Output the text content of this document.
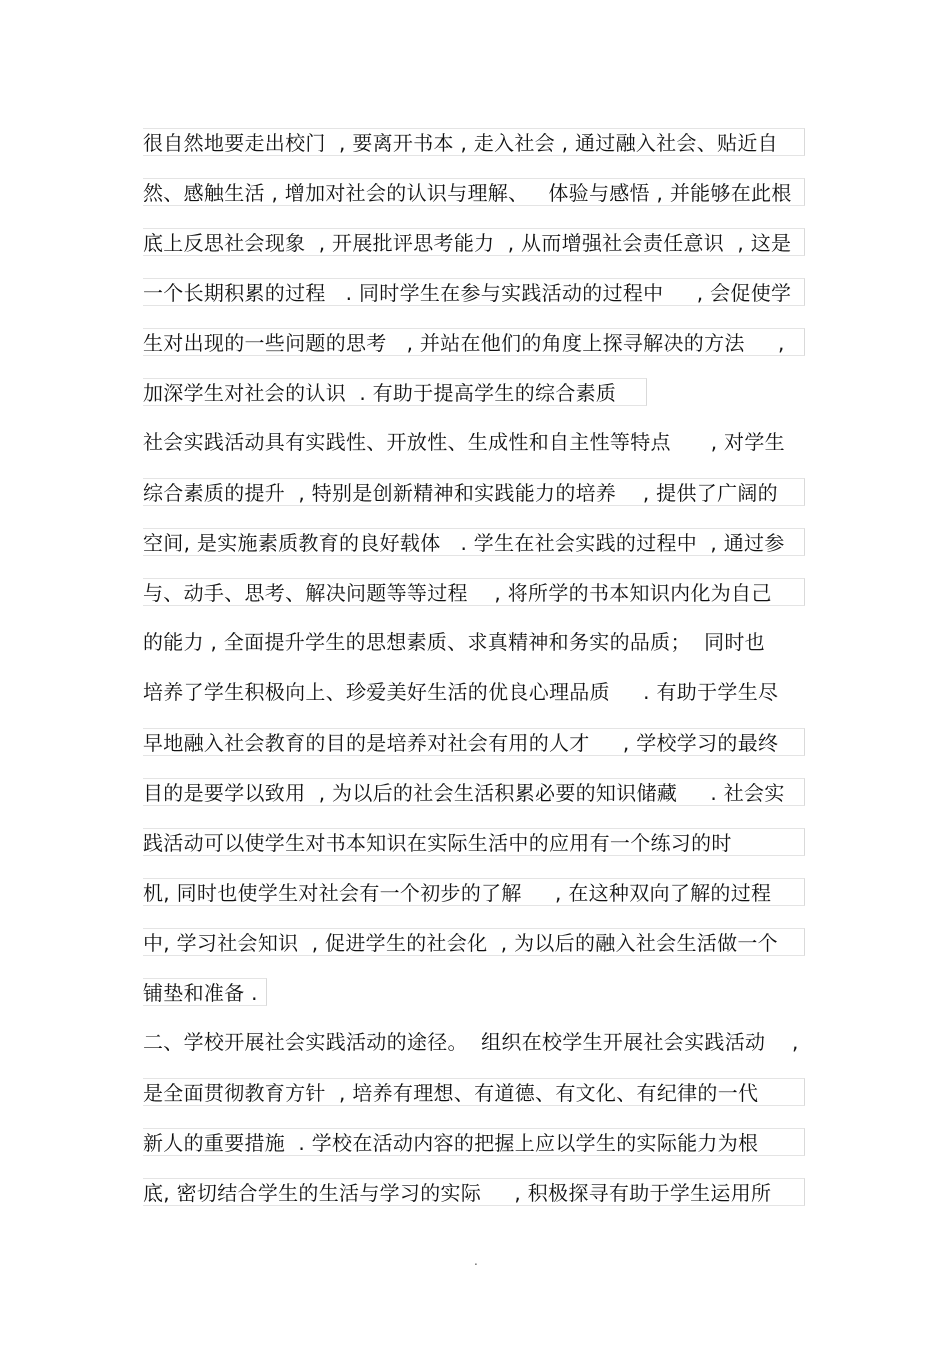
很自然地要走出校门  , 要离开书本 , 走入社会 , 通过融入社会、贴近自
然、感触生活 , 增加对社会的认识与理解、   体验与感悟 , 并能够在此根
底上反思社会现象  , 开展批评思考能力  , 从而增强社会责任意识  , 这是
一个长期积累的过程   . 同时学生在参与实践活动的过程中     , 会促使学
生对出现的一些问题的思考   , 并站在他们的角度上探寻解决的方法     ,
加深学生对社会的认识  . 有助于提高学生的综合素质
社会实践活动具有实践性、开放性、生成性和自主性等特点      , 对学生
综合素质的提升  , 特别是创新精神和实践能力的培养    , 提供了广阔的
空间, 是实施素质教育的良好载体   . 学生在社会实践的过程中  , 通过参
与、动手、思考、解决问题等等过程    , 将所学的书本知识内化为自己
的能力 , 全面提升学生的思想素质、求真精神和务实的品质；  同时也
培养了学生积极向上、珍爱美好生活的优良心理品质     . 有助于学生尽
早地融入社会教育的目的是培养对社会有用的人才     , 学校学习的最终
目的是要学以致用  , 为以后的社会生活积累必要的知识储藏     . 社会实
践活动可以使学生对书本知识在实际生活中的应用有一个练习的时
机, 同时也使学生对社会有一个初步的了解     , 在这种双向了解的过程
中, 学习社会知识  , 促进学生的社会化  , 为以后的融入社会生活做一个
铺垫和准备 .
二、学校开展社会实践活动的途径。  组织在校学生开展社会实践活动    ,
是全面贯彻教育方针  , 培养有理想、有道德、有文化、有纪律的一代
新人的重要措施  . 学校在活动内容的把握上应以学生的实际能力为根
底, 密切结合学生的生活与学习的实际     , 积极探寻有助于学生运用所
.
